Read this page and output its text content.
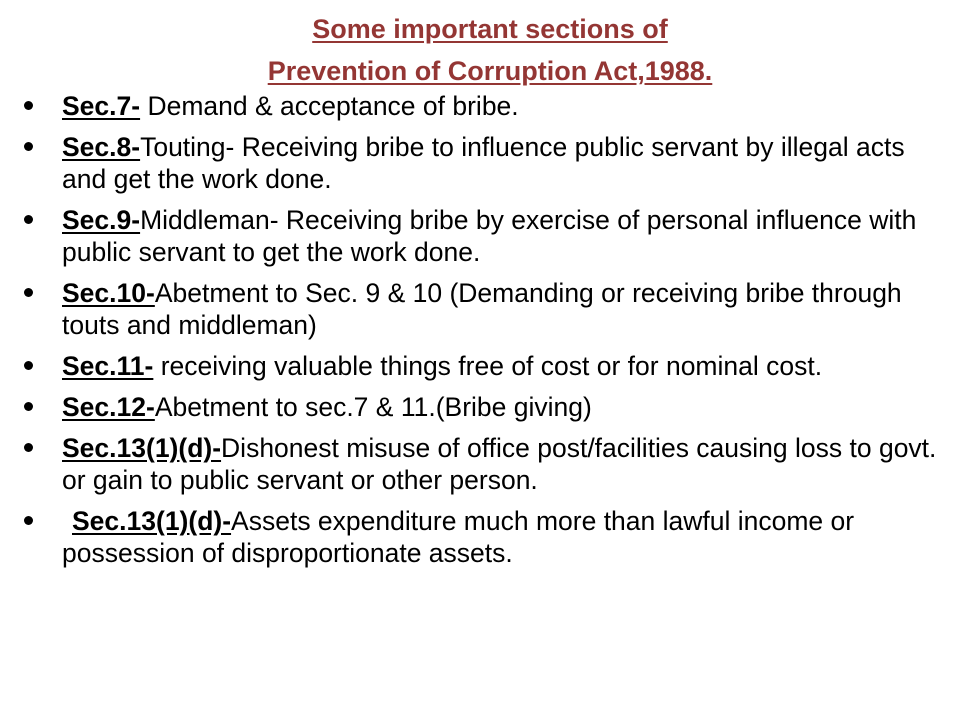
Some important sections of
Prevention of Corruption Act,1988.
Sec.7- Demand & acceptance of bribe.
Sec.8-Touting- Receiving bribe to influence public servant by illegal acts and get the work done.
Sec.9-Middleman- Receiving bribe by exercise of personal influence with public servant to get the work done.
Sec.10-Abetment to Sec. 9 & 10 (Demanding or receiving bribe through touts and middleman)
Sec.11- receiving valuable things free of cost or for nominal cost.
Sec.12-Abetment to sec.7 & 11.(Bribe giving)
Sec.13(1)(d)-Dishonest misuse of office post/facilities causing loss to govt. or gain to public servant or other person.
Sec.13(1)(d)-Assets expenditure much more than lawful income or possession of disproportionate assets.
